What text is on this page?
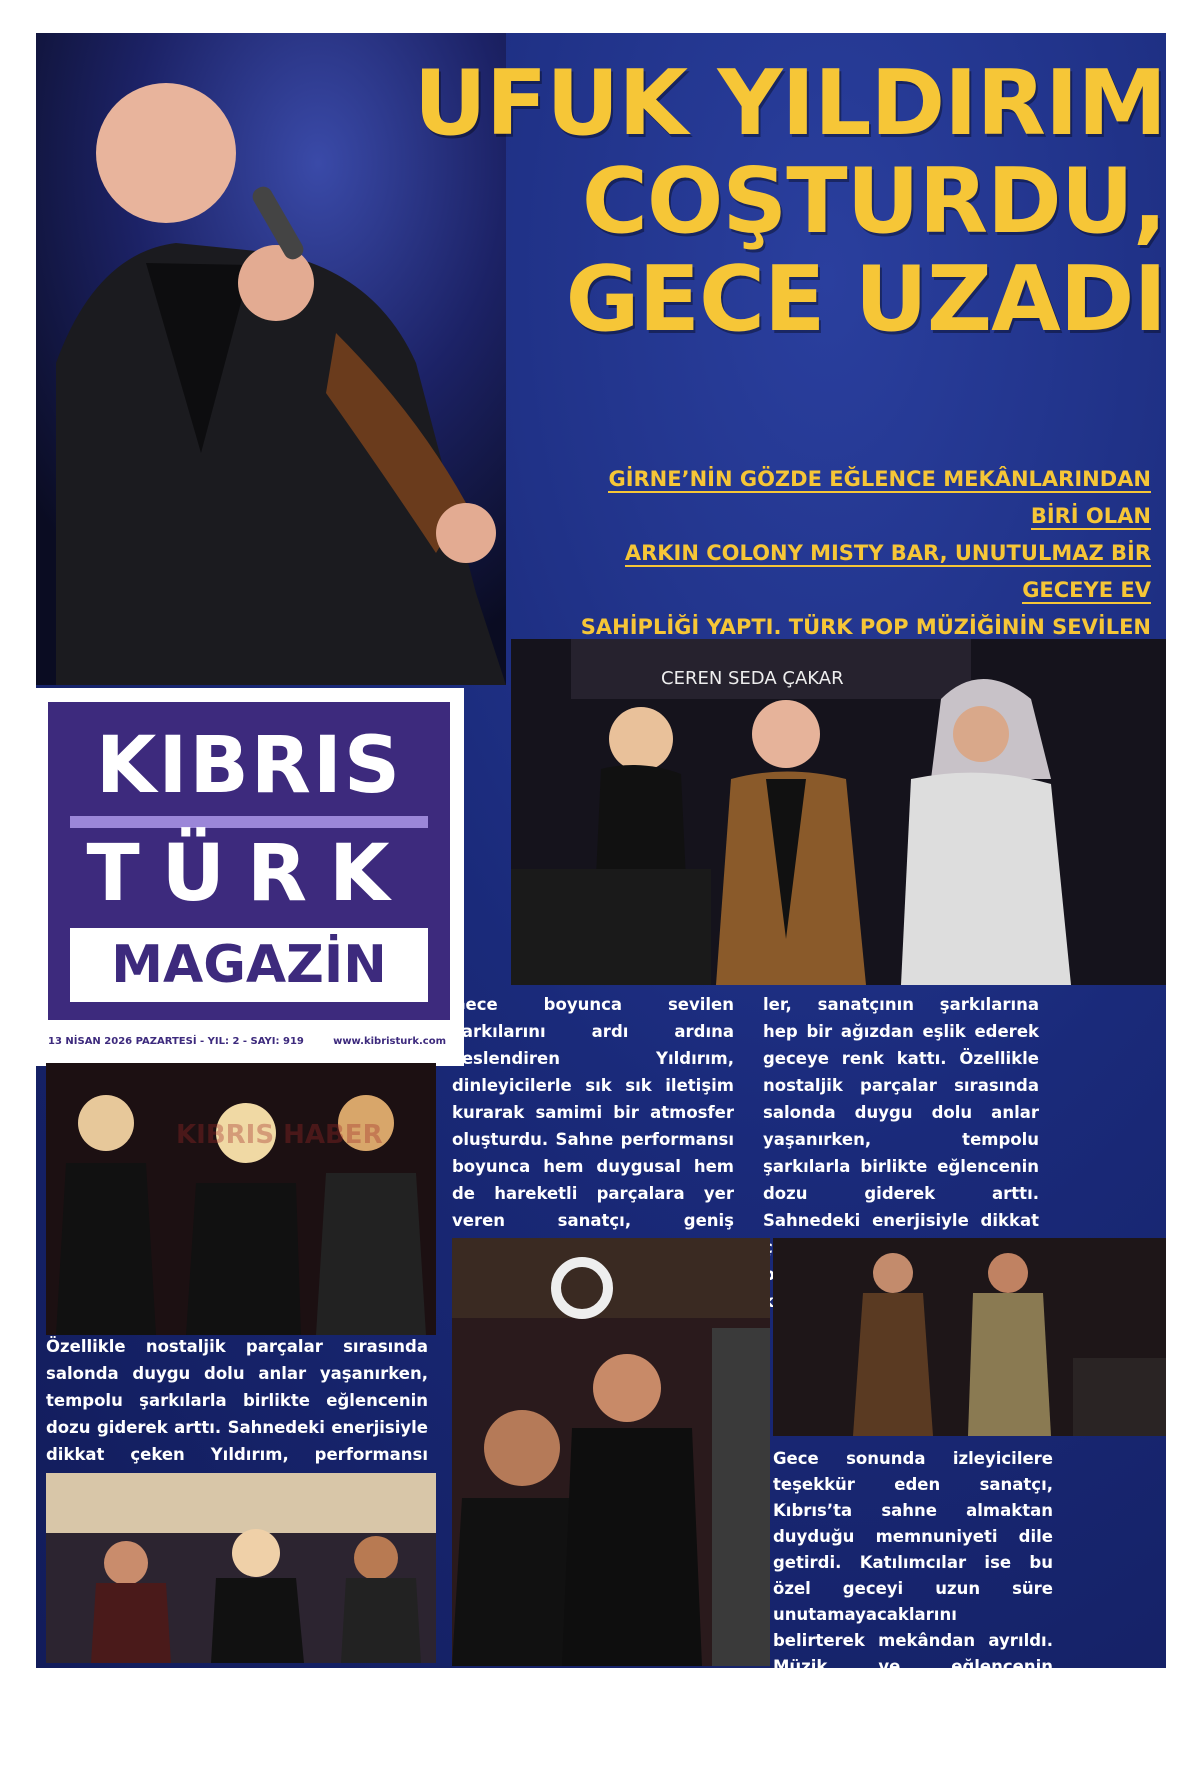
UFUK YILDIRIM
COŞTURDU,
GECE UZADI
GİRNE’NİN GÖZDE EĞLENCE MEKÂNLARINDAN BİRİ OLAN
ARKIN COLONY MISTY BAR, UNUTULMAZ BİR GECEYE EV
SAHİPLİĞİ YAPTI. TÜRK POP MÜZİĞİNİN SEVİLEN
CEREN SEDA ÇAKAR
KIBRIS
TÜRK
MAGAZİN
13 NİSAN 2026 PAZARTESİ - YIL: 2 - SAYI: 919	www.kibristurk.com
Gece boyunca sevilen şarkılarını ardı ardına seslendiren Yıldırım, dinleyicilerle sık sık iletişim kurarak samimi bir atmosfer oluşturdu. Sahne performansı boyunca hem duygusal hem de hareketli parçalara yer veren sanatçı, geniş
ler, sanatçının şarkılarına hep bir ağızdan eşlik ederek geceye renk kattı. Özellikle nostaljik parçalar sırasında salonda duygu dolu anlar yaşanırken, tempolu şarkılarla birlikte eğlencenin dozu giderek arttı. Sahnedeki enerjisiyle dikkat
KIBRIS HABER
Özellikle nostaljik parçalar sırasında salonda duygu dolu anlar yaşanırken, tempolu şarkılarla birlikte eğlencenin dozu giderek arttı. Sahnedeki enerjisiyle dikkat çeken Yıldırım, performansı	Gece sonunda izleyicilere teşekkür eden sanatçı, Kıbrıs’ta sahne almaktan duyduğu memnuniyeti dile getirdi. Katılımcılar ise bu özel geceyi uzun süre unutamayacaklarını belirterek mekândan ayrıldı. Müzik ve eğlencenin buluştuğu gece, Girne gecelerine damga vuran anlardan biri olarak hafızalara kazındı.
